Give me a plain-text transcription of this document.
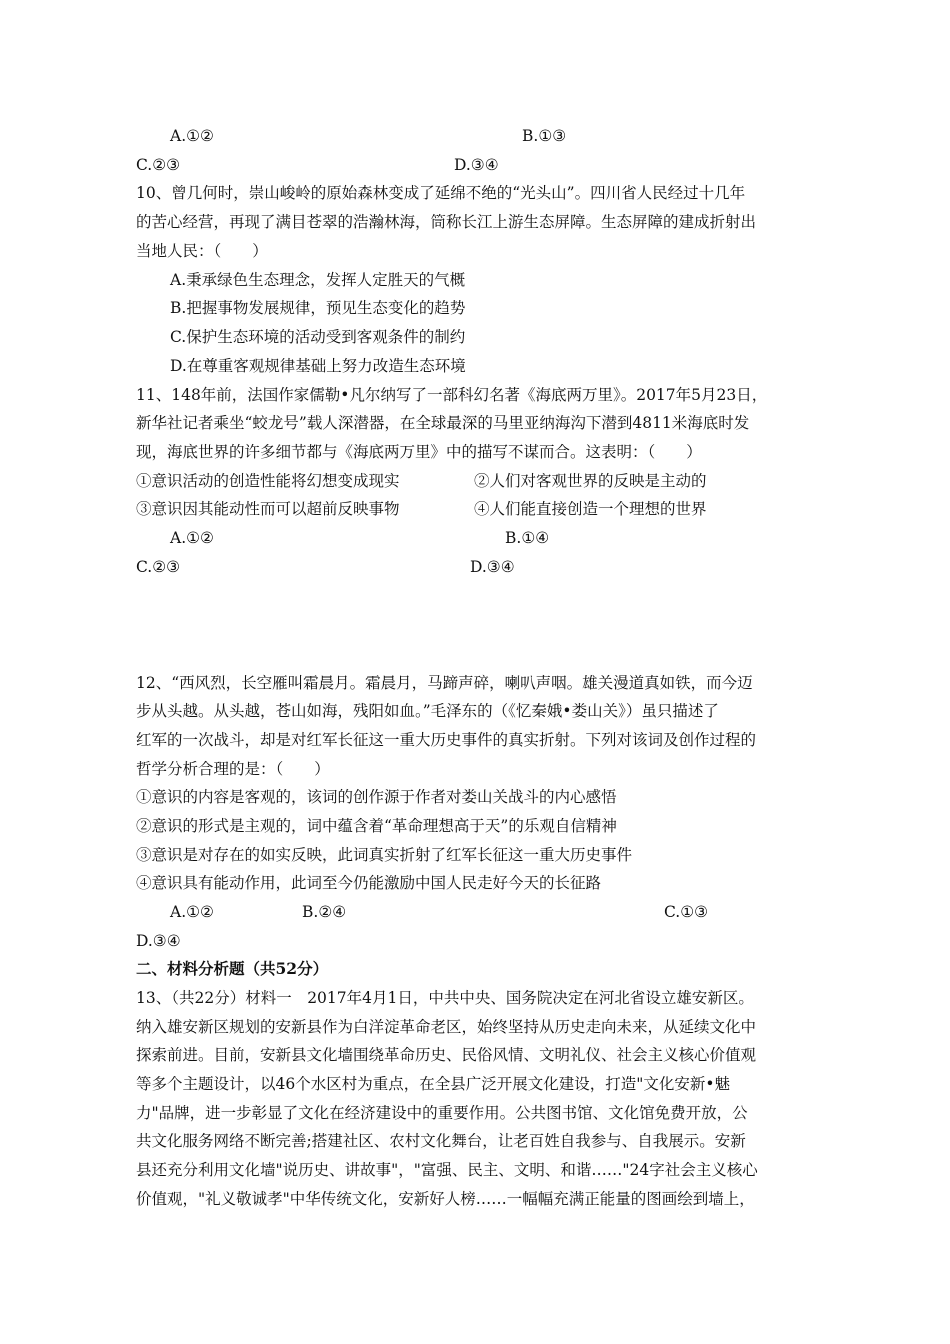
A.①②	B.①③
C.②③	D.③④
10、曾几何时，崇山峻岭的原始森林变成了延绵不绝的“光头山”。四川省人民经过十几年
的苦心经营，再现了满目苍翠的浩瀚林海，筒称长江上游生态屏障。生态屏障的建成折射出
当地人民：（　　）
A.秉承绿色生态理念，发挥人定胜天的气概
B.把握事物发展规律，预见生态变化的趋势
C.保护生态环境的活动受到客观条件的制约
D.在尊重客观规律基础上努力改造生态环境
11、148年前，法国作家儒勒•凡尔纳写了一部科幻名著《海底两万里》。2017年5月23日，
新华社记者乘坐“蛟龙号”载人深潜器，在全球最深的马里亚纳海沟下潜到4811米海底时发
现，海底世界的许多细节都与《海底两万里》中的描写不谋而合。这表明：（　　）
①意识活动的创造性能将幻想变成现实	②人们对客观世界的反映是主动的
③意识因其能动性而可以超前反映事物	④人们能直接创造一个理想的世界
A.①②	B.①④
C.②③	D.③④
12、“西风烈，长空雁叫霜晨月。霜晨月，马蹄声碎，喇叭声咽。雄关漫道真如铁，而今迈
步从头越。从头越，苍山如海，残阳如血。”毛泽东的（《忆秦娥•娄山关》）虽只描述了
红军的一次战斗，却是对红军长征这一重大历史事件的真实折射。下列对该词及创作过程的
哲学分析合理的是：（　　）
①意识的内容是客观的，该词的创作源于作者对娄山关战斗的内心感悟
②意识的形式是主观的，词中蕴含着“革命理想高于天”的乐观自信精神
③意识是对存在的如实反映，此词真实折射了红军长征这一重大历史事件
④意识具有能动作用，此词至今仍能激励中国人民走好今天的长征路
A.①②	B.②④	C.①③
D.③④
二、材料分析题（共52分）
13、（共22分）材料一　2017年4月1日，中共中央、国务院决定在河北省设立雄安新区。
纳入雄安新区规划的安新县作为白洋淀革命老区，始终坚持从历史走向未来，从延续文化中
探索前进。目前，安新县文化墙围绕革命历史、民俗风情、文明礼仪、社会主义核心价值观
等多个主题设计，以46个水区村为重点，在全县广泛开展文化建设，打造"文化安新•魅
力"品牌，进一步彰显了文化在经济建设中的重要作用。公共图书馆、文化馆免费开放，公
共文化服务网络不断完善;搭建社区、农村文化舞台，让老百姓自我参与、自我展示。安新
县还充分利用文化墙"说历史、讲故事"，"富强、民主、文明、和谐……"24字社会主义核心
价值观，"礼义敬诚孝"中华传统文化，安新好人榜……一幅幅充满正能量的图画绘到墙上，
